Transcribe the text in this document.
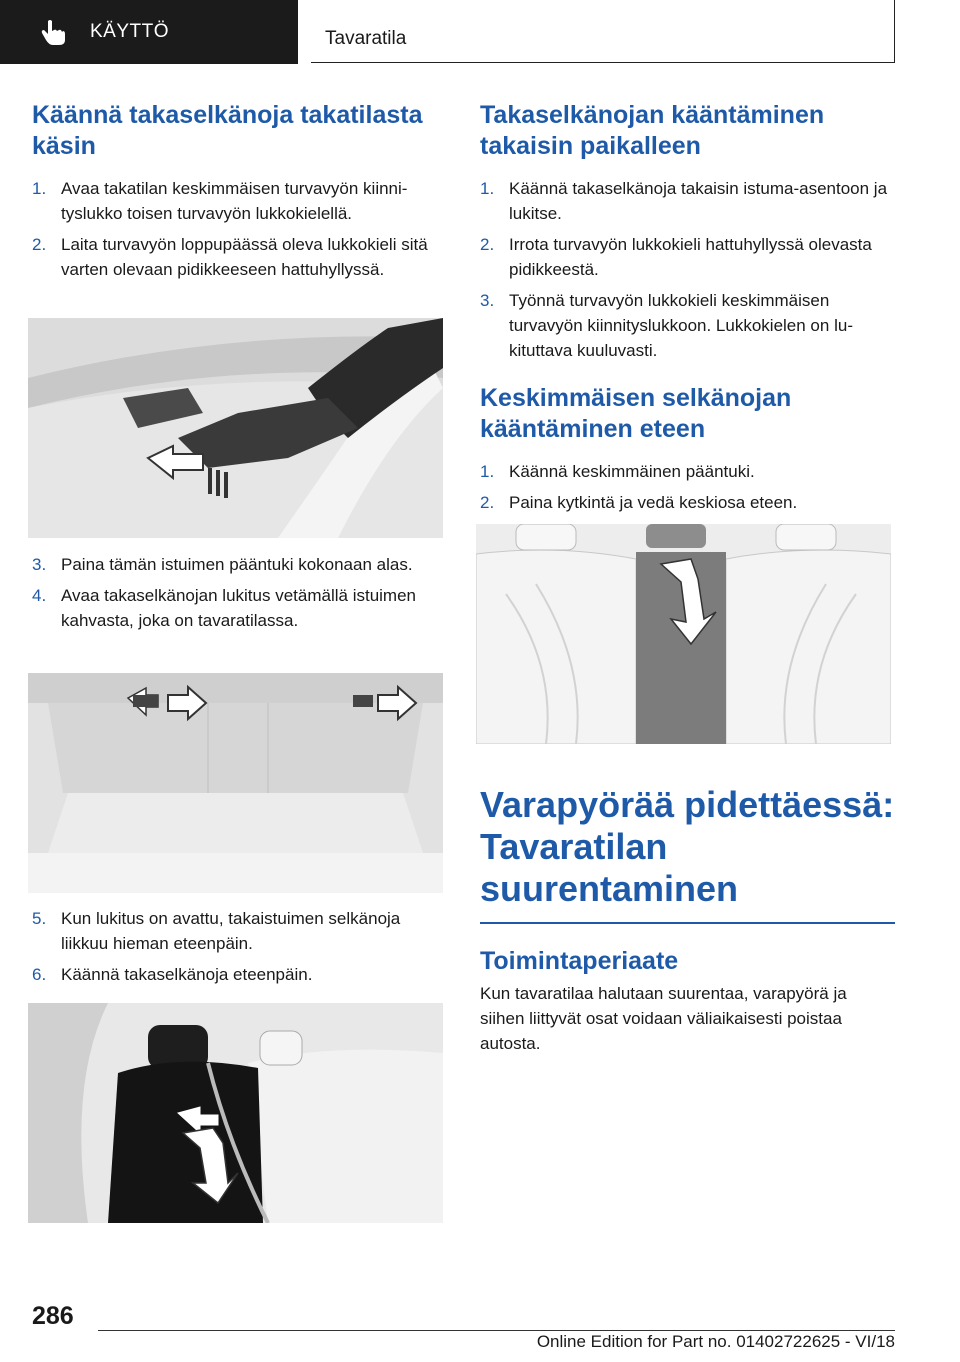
KÄYTTÖ	Tavaratila
Käännä takaselkänoja takatilasta käsin
1. Avaa takatilan keskimmäisen turvavyön kiinnityslukko toisen turvavyön lukkokielellä.
2. Laita turvavyön loppupäässä oleva lukkokieli sitä varten olevaan pidikkeeseen hattuhyllyssä.
3. Paina tämän istuimen pääntuki kokonaan alas.
4. Avaa takaselkänojan lukitus vetämällä istuimen kahvasta, joka on tavaratilassa.
5. Kun lukitus on avattu, takaistuimen selkänoja liikkuu hieman eteenpäin.
6. Käännä takaselkänoja eteenpäin.
Takaselkänojan kääntäminen takaisin paikalleen
1. Käännä takaselkänoja takaisin istuma-asentoon ja lukitse.
2. Irrota turvavyön lukkokieli hattuhyllyssä olevasta pidikkeestä.
3. Työnnä turvavyön lukkokieli keskimmäisen turvavyön kiinnityslukkoon. Lukkokielen on lukituttava kuuluvasti.
Keskimmäisen selkänojan kääntäminen eteen
1. Käännä keskimmäinen pääntuki.
2. Paina kytkintä ja vedä keskiosa eteen.
Varapyörää pidettäessä: Tavaratilan suurentaminen
Toimintaperiaate

Kun tavaratilaa halutaan suurentaa, varapyörä ja siihen liittyvät osat voidaan väliaikaisesti poistaa autosta.

286
Online Edition for Part no. 01402722625 - VI/18
